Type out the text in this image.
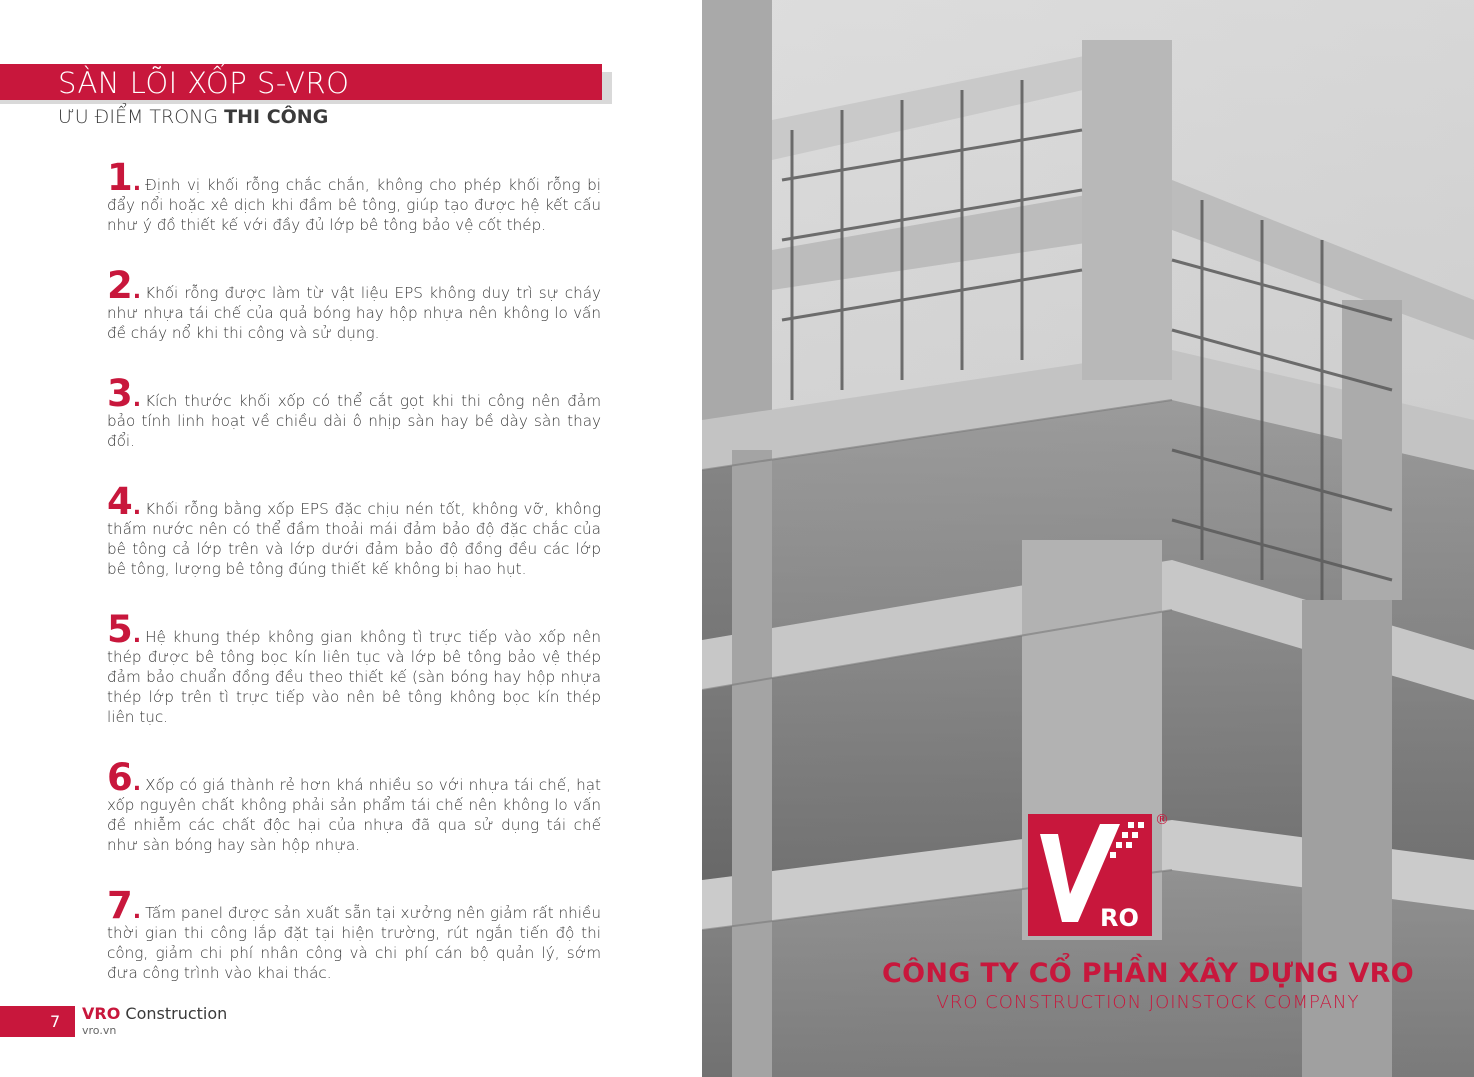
SÀN LÕI XỐP S-VRO
ƯU ĐIỂM TRONG THI CÔNG
1. Định vị khối rỗng chắc chắn, không cho phép khối rỗng bị đẩy nổi hoặc xê dịch khi đầm bê tông, giúp tạo được hệ kết cấu như ý đồ thiết kế với đầy đủ lớp bê tông bảo vệ cốt thép.
2. Khối rỗng được làm từ vật liệu EPS không duy trì sự cháy như nhựa tái chế của quả bóng hay hộp nhựa nên không lo vấn đề cháy nổ khi thi công và sử dụng.
3. Kích thước khối xốp có thể cắt gọt khi thi công nên đảm bảo tính linh hoạt về chiều dài ô nhịp sàn hay bề dày sàn thay đổi.
4. Khối rỗng bằng xốp EPS đặc chịu nén tốt, không vỡ, không thấm nước nên có thể đầm thoải mái đảm bảo độ đặc chắc của bê tông cả lớp trên và lớp dưới đảm bảo độ đồng đều các lớp bê tông, lượng bê tông đúng thiết kế không bị hao hụt.
5. Hệ khung thép không gian không tì trực tiếp vào xốp nên thép được bê tông bọc kín liên tục và lớp bê tông bảo vệ thép đảm bảo chuẩn đồng đều theo thiết kế (sàn bóng hay hộp nhựa thép lớp trên tì trực tiếp vào nên bê tông không bọc kín thép liên tục.
6. Xốp có giá thành rẻ hơn khá nhiều so với nhựa tái chế, hạt xốp nguyên chất không phải sản phẩm tái chế nên không lo vấn đề nhiễm các chất độc hại của nhựa đã qua sử dụng tái chế như sàn bóng hay sàn hộp nhựa.
7. Tấm panel được sản xuất sẵn tại xưởng nên giảm rất nhiều thời gian thi công lắp đặt tại hiện trường, rút ngắn tiến độ thi công, giảm chi phí nhân công và chi phí cán bộ quản lý, sớm đưa công trình vào khai thác.
7	VRO Construction
vro.vn
RO
®
CÔNG TY CỔ PHẦN XÂY DỰNG VRO
VRO CONSTRUCTION JOINSTOCK COMPANY
